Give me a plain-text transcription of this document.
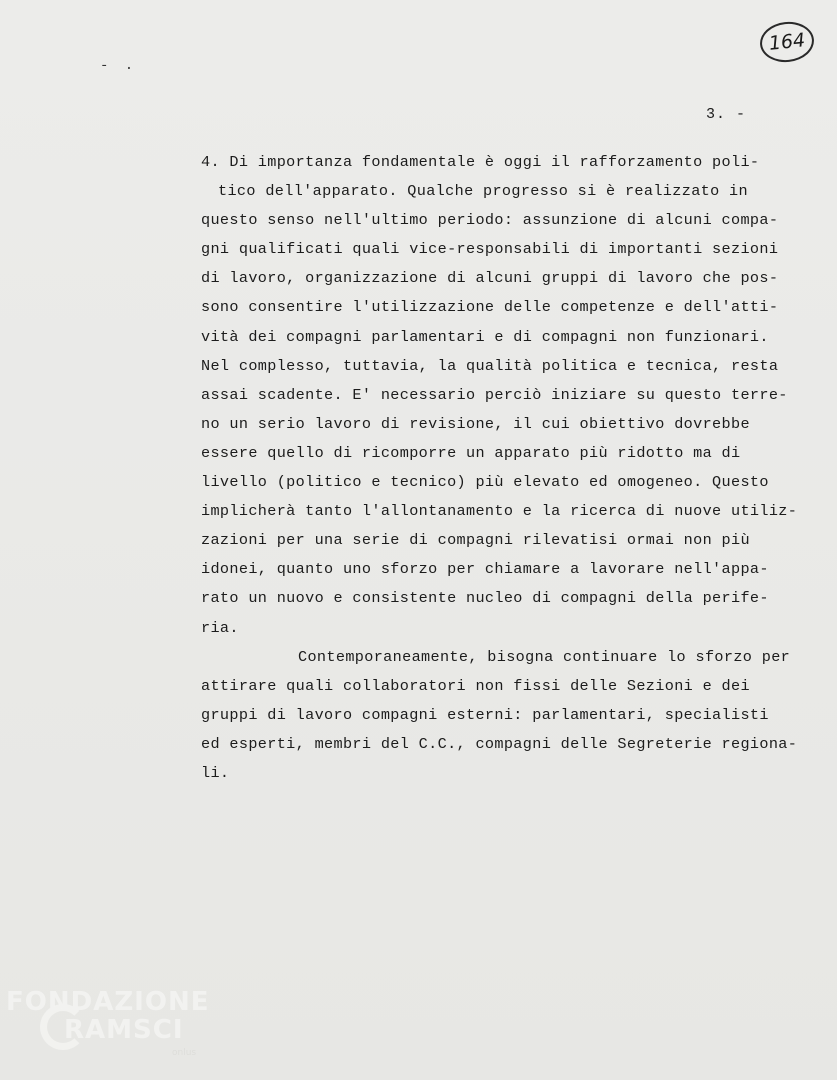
164
- .
3. -
4. Di importanza fondamentale è oggi il rafforzamento poli-
tico dell'apparato. Qualche progresso si è realizzato in
questo senso nell'ultimo periodo: assunzione di alcuni compa-
gni qualificati quali vice-responsabili di importanti sezioni
di lavoro, organizzazione di alcuni gruppi di lavoro che pos-
sono consentire l'utilizzazione delle competenze e dell'atti-
vità dei compagni parlamentari e di compagni non funzionari.
Nel complesso, tuttavia, la qualità politica e tecnica, resta
assai scadente. E' necessario perciò iniziare su questo terre-
no un serio lavoro di revisione, il cui obiettivo dovrebbe
essere quello di ricomporre un apparato più ridotto ma di
livello (politico e tecnico) più elevato ed omogeneo. Questo
implicherà tanto l'allontanamento e la ricerca di nuove utiliz-
zazioni per una serie di compagni rilevatisi ormai non più
idonei, quanto uno sforzo per chiamare a lavorare nell'appa-
rato un nuovo e consistente nucleo di compagni della perife-
ria.
Contemporaneamente, bisogna continuare lo sforzo per
attirare quali collaboratori non fissi delle Sezioni e dei
gruppi di lavoro compagni esterni: parlamentari, specialisti
ed esperti, membri del C.C., compagni delle Segreterie regiona-
li.
FONDAZIONE
RAMSCI
onlus
